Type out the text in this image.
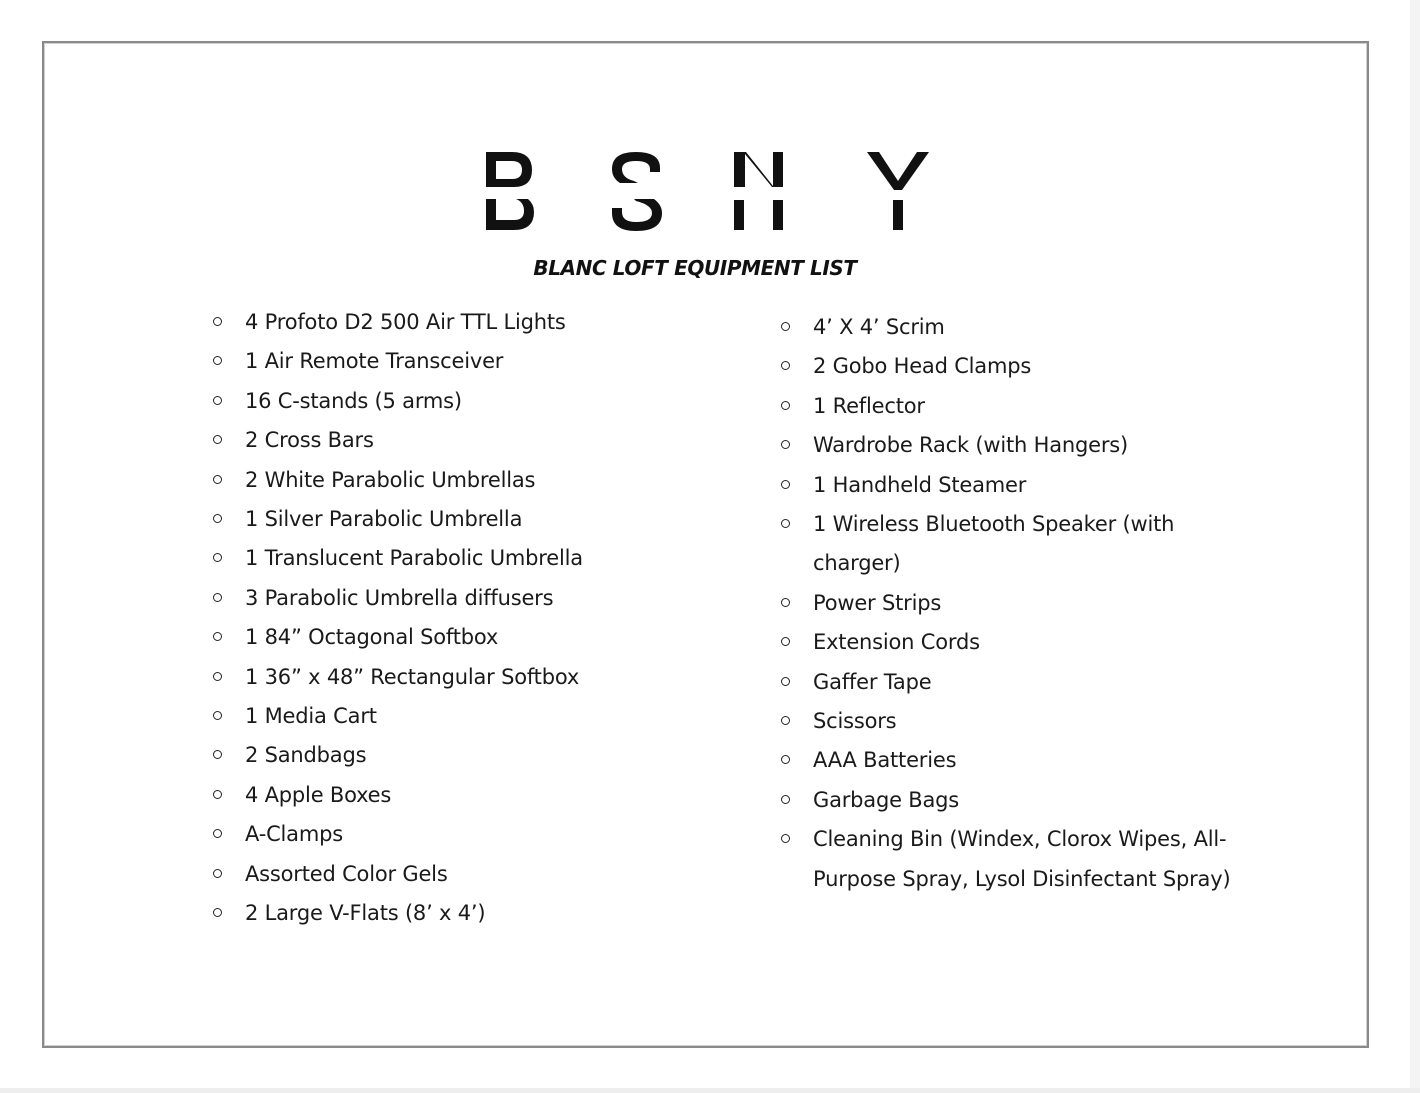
BLANC LOFT EQUIPMENT LIST
4 Profoto D2 500 Air TTL Lights
1 Air Remote Transceiver
16 C-stands (5 arms)
2 Cross Bars
2 White Parabolic Umbrellas
1 Silver Parabolic Umbrella
1 Translucent Parabolic Umbrella
3 Parabolic Umbrella diffusers
1 84” Octagonal Softbox
1 36” x 48” Rectangular Softbox
1 Media Cart
2 Sandbags
4 Apple Boxes
A-Clamps
Assorted Color Gels
2 Large V-Flats (8’ x 4’)
4’ X 4’ Scrim
2 Gobo Head Clamps
1 Reflector
Wardrobe Rack (with Hangers)
1 Handheld Steamer
1 Wireless Bluetooth Speaker (with charger)
Power Strips
Extension Cords
Gaffer Tape
Scissors
AAA Batteries
Garbage Bags
Cleaning Bin (Windex, Clorox Wipes, All-Purpose Spray, Lysol Disinfectant Spray)
